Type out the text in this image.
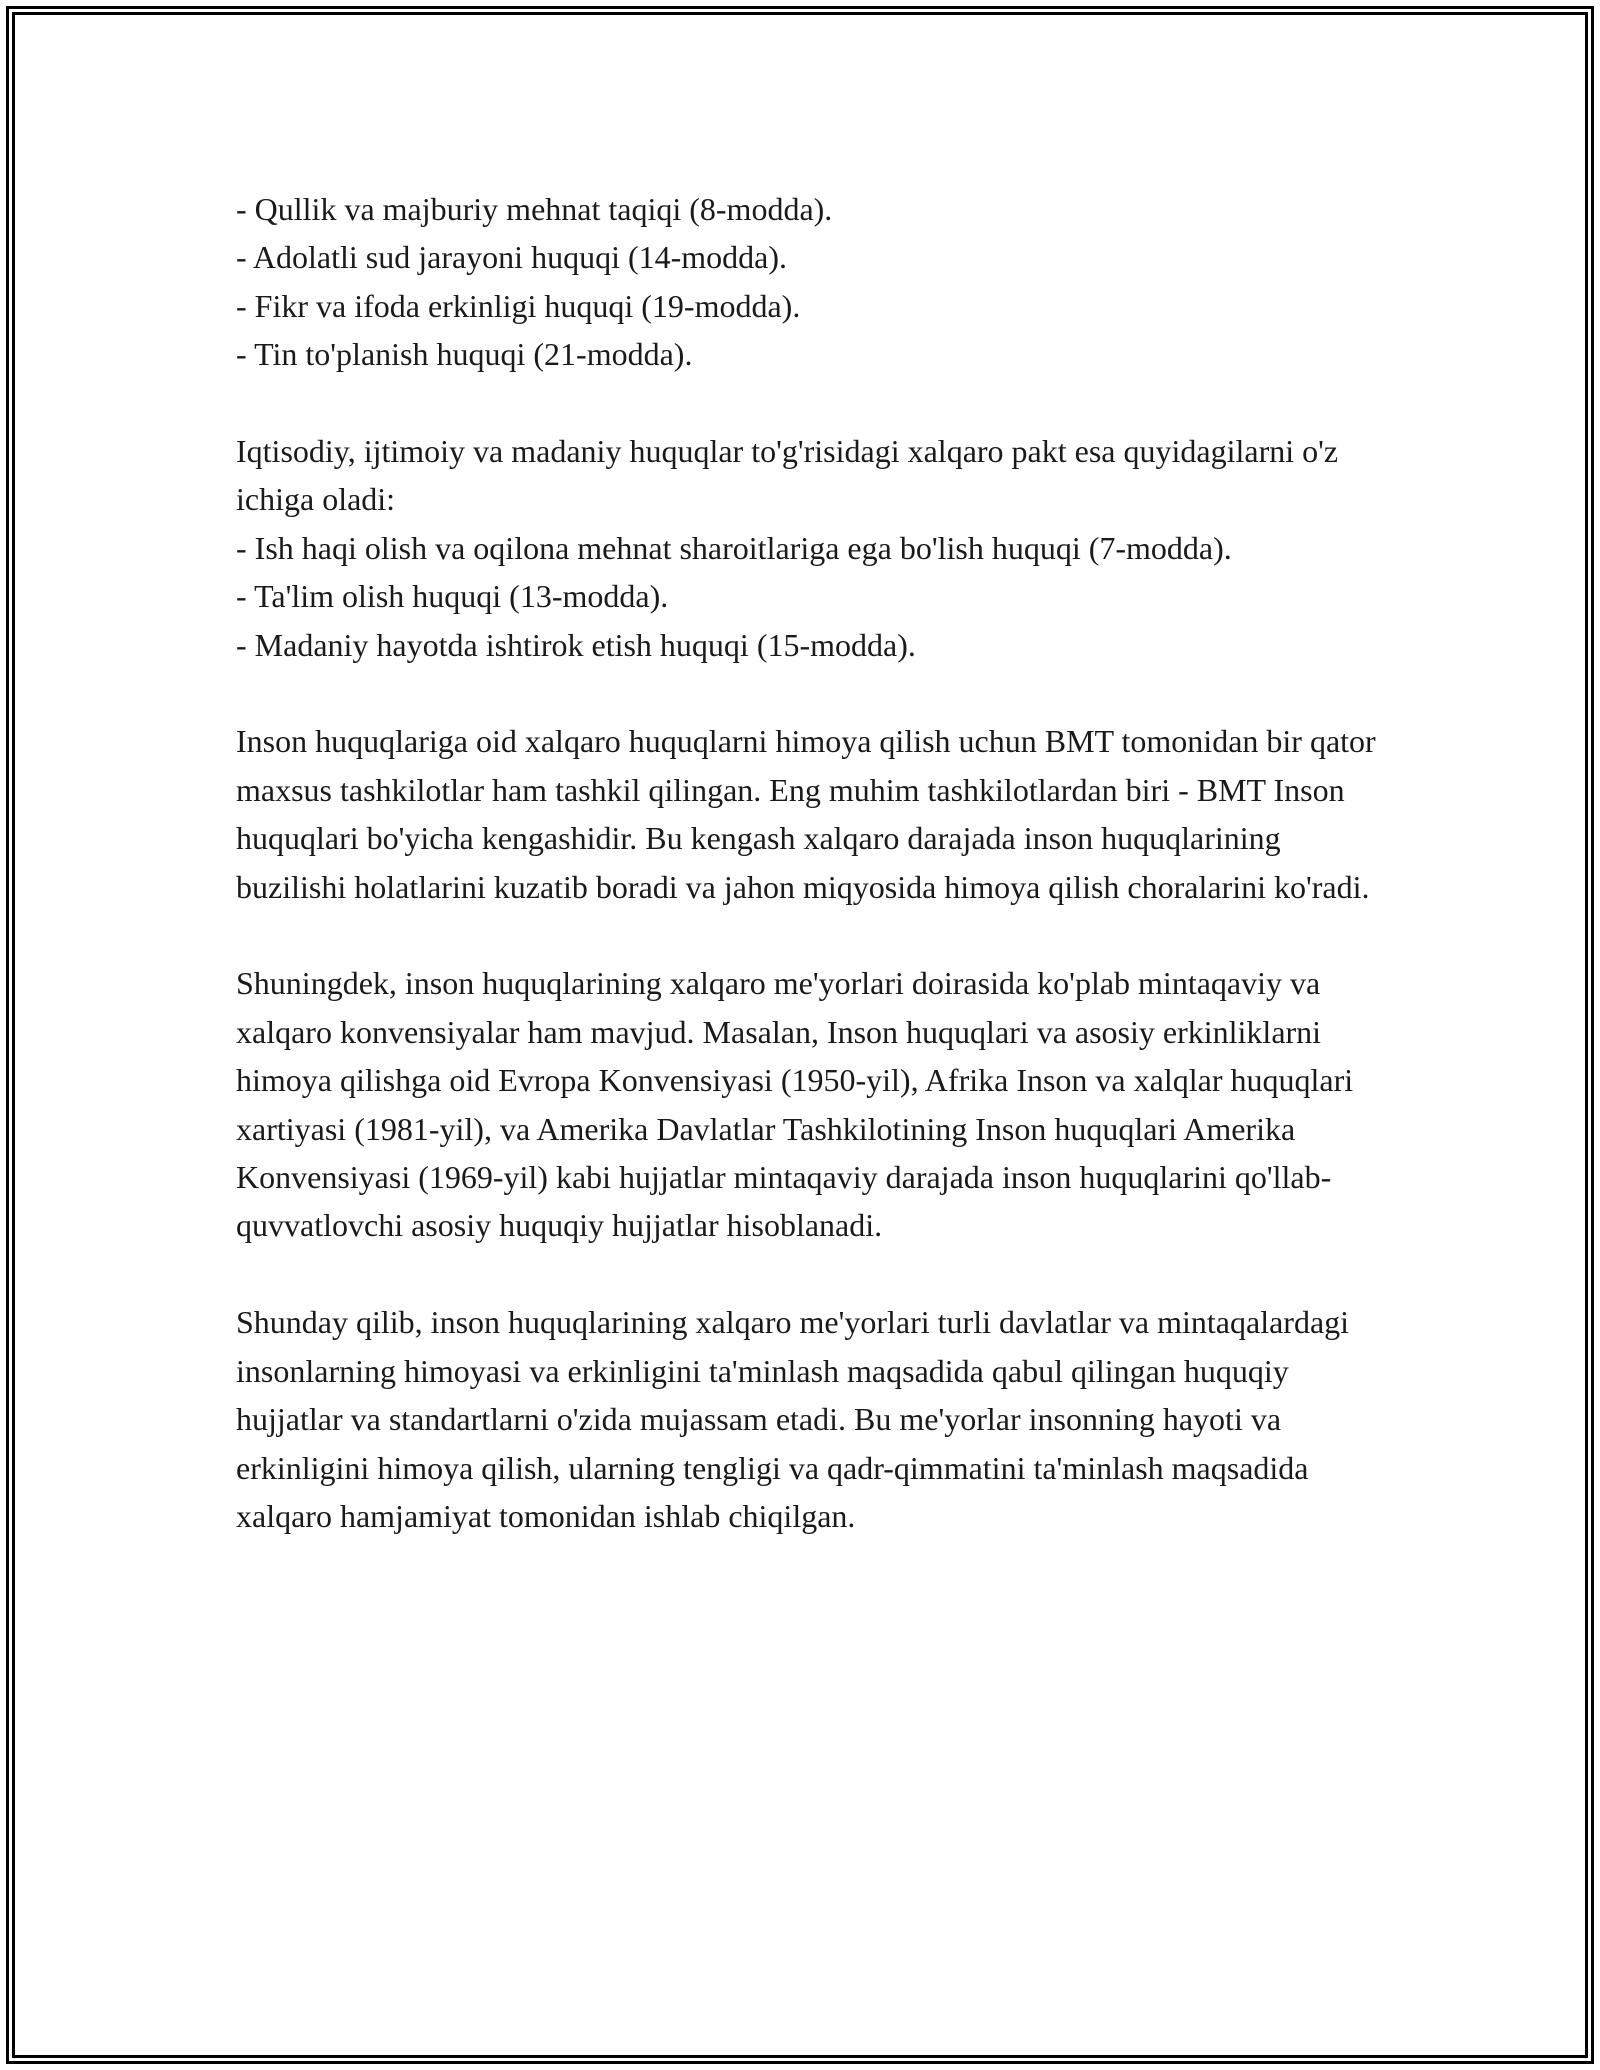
- Qullik va majburiy mehnat taqiqi (8-modda).

- Adolatli sud jarayoni huquqi (14-modda).

- Fikr va ifoda erkinligi huquqi (19-modda).

- Tin to'planish huquqi (21-modda).

Iqtisodiy, ijtimoiy va madaniy huquqlar to'g'risidagi xalqaro pakt esa quyidagilarni o'z ichiga oladi:

- Ish haqi olish va oqilona mehnat sharoitlariga ega bo'lish huquqi (7-modda).

- Ta'lim olish huquqi (13-modda).

- Madaniy hayotda ishtirok etish huquqi (15-modda).

Inson huquqlariga oid xalqaro huquqlarni himoya qilish uchun BMT tomonidan bir qator maxsus tashkilotlar ham tashkil qilingan. Eng muhim tashkilotlardan biri - BMT Inson huquqlari bo'yicha kengashidir. Bu kengash xalqaro darajada inson huquqlarining buzilishi holatlarini kuzatib boradi va jahon miqyosida himoya qilish choralarini ko'radi.

Shuningdek, inson huquqlarining xalqaro me'yorlari doirasida ko'plab mintaqaviy va xalqaro konvensiyalar ham mavjud. Masalan, Inson huquqlari va asosiy erkinliklarni himoya qilishga oid Evropa Konvensiyasi (1950-yil), Afrika Inson va xalqlar huquqlari xartiyasi (1981-yil), va Amerika Davlatlar Tashkilotining Inson huquqlari Amerika Konvensiyasi (1969-yil) kabi hujjatlar mintaqaviy darajada inson huquqlarini qo'llab-quvvatlovchi asosiy huquqiy hujjatlar hisoblanadi.

Shunday qilib, inson huquqlarining xalqaro me'yorlari turli davlatlar va mintaqalardagi insonlarning himoyasi va erkinligini ta'minlash maqsadida qabul qilingan huquqiy hujjatlar va standartlarni o'zida mujassam etadi. Bu me'yorlar insonning hayoti va erkinligini himoya qilish, ularning tengligi va qadr-qimmatini ta'minlash maqsadida xalqaro hamjamiyat tomonidan ishlab chiqilgan.
